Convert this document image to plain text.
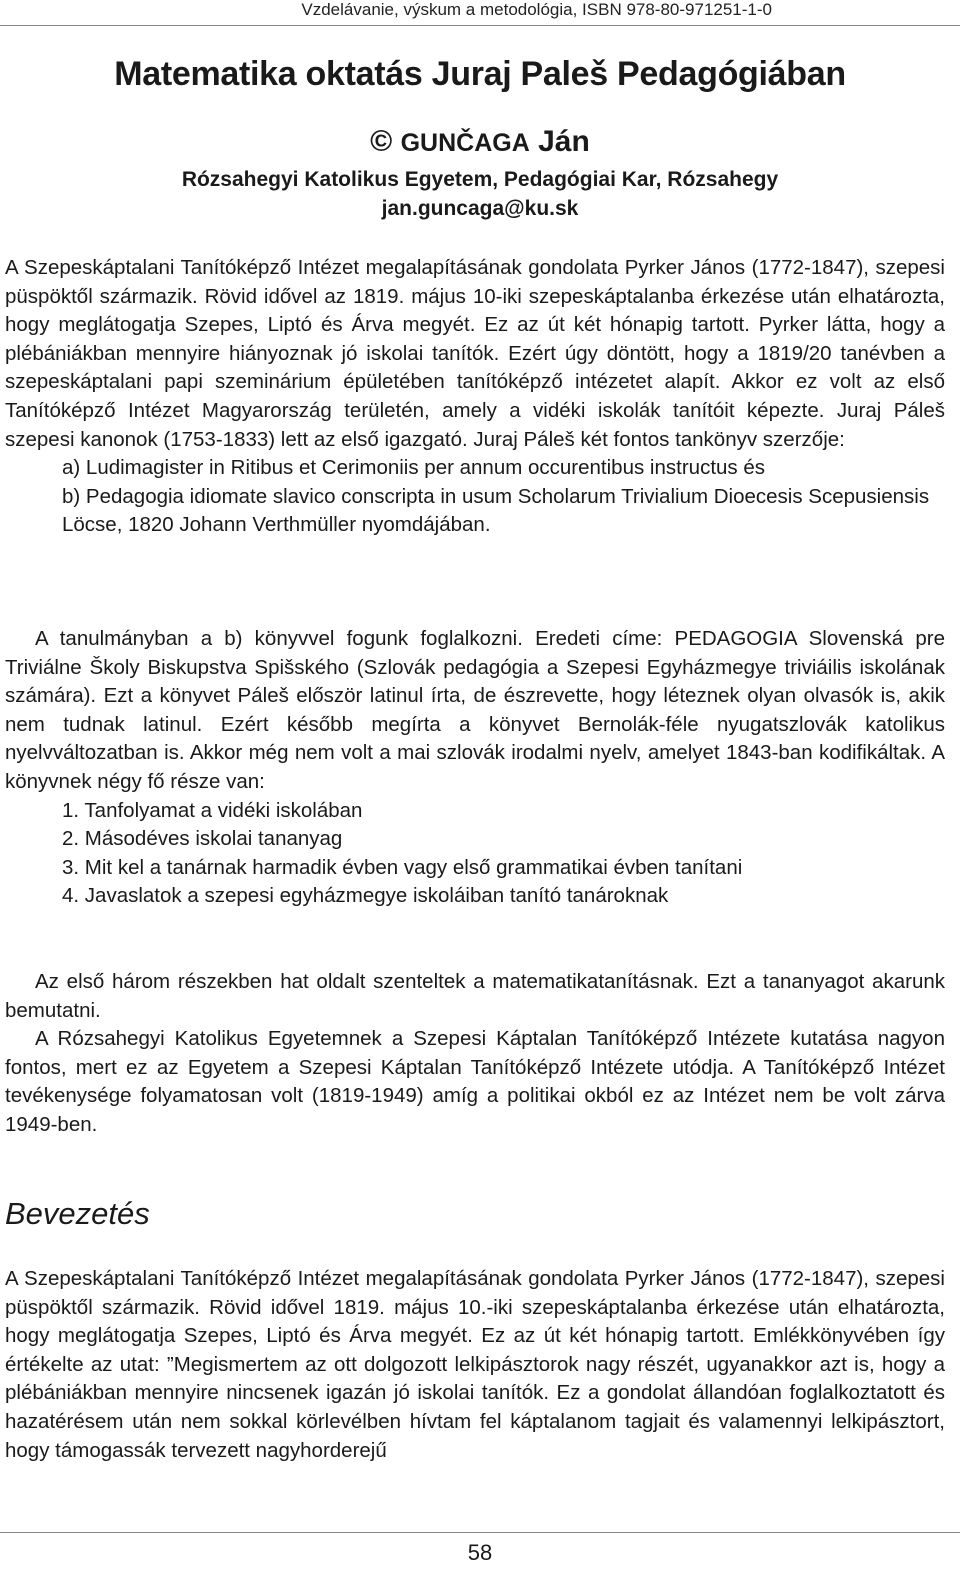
Vzdelávanie, výskum a metodológia, ISBN 978-80-971251-1-0
Matematika oktatás Juraj Paleš Pedagógiában
© GUNČAGA Ján
Rózsahegyi Katolikus Egyetem, Pedagógiai Kar, Rózsahegy
jan.guncaga@ku.sk

A Szepeskáptalani Tanítóképző Intézet megalapításának gondolata Pyrker János (1772-1847), szepesi püspöktől származik. Rövid idővel az 1819. május 10-iki szepeskáptalanba érkezése után elhatározta, hogy meglátogatja Szepes, Liptó és Árva megyét. Ez az út két hónapig tartott. Pyrker látta, hogy a plébániákban mennyire hiányoznak jó iskolai tanítók. Ezért úgy döntött, hogy a 1819/20 tanévben a szepeskáptalani papi szeminárium épületében tanítóképző intézetet alapít. Akkor ez volt az első Tanítóképző Intézet Magyarország területén, amely a vidéki iskolák tanítóit képezte. Juraj Páleš szepesi kanonok (1753-1833) lett az első igazgató. Juraj Páleš két fontos tankönyv szerzője:

a) Ludimagister in Ritibus et Cerimoniis per annum occurentibus instructus és

b) Pedagogia idiomate slavico conscripta in usum Scholarum Trivialium Dioecesis Scepusiensis Löcse, 1820 Johann Verthmüller nyomdájában.

A tanulmányban a b) könyvvel fogunk foglalkozni. Eredeti címe: PEDAGOGIA Slovenská pre Triviálne Školy Biskupstva Spišského (Szlovák pedagógia a Szepesi Egyházmegye triviáilis iskolának számára). Ezt a könyvet Páleš először latinul írta, de észrevette, hogy léteznek olyan olvasók is, akik nem tudnak latinul. Ezért később megírta a könyvet Bernolák-féle nyugatszlovák katolikus nyelvváltozatban is. Akkor még nem volt a mai szlovák irodalmi nyelv, amelyet 1843-ban kodifikáltak. A könyvnek négy fő része van:

1. Tanfolyamat a vidéki iskolában

2. Másodéves iskolai tananyag

3. Mit kel a tanárnak harmadik évben vagy első grammatikai évben tanítani

4. Javaslatok a szepesi egyházmegye iskoláiban tanító tanároknak

Az első három részekben hat oldalt szenteltek a matematikatanításnak. Ezt a tananyagot akarunk bemutatni.

A Rózsahegyi Katolikus Egyetemnek a Szepesi Káptalan Tanítóképző Intézete kutatása nagyon fontos, mert ez az Egyetem a Szepesi Káptalan Tanítóképző Intézete utódja. A Tanítóképző Intézet tevékenysége folyamatosan volt (1819-1949) amíg a politikai okból ez az Intézet nem be volt zárva 1949-ben.

Bevezetés

A Szepeskáptalani Tanítóképző Intézet megalapításának gondolata Pyrker János (1772-1847), szepesi püspöktől származik. Rövid idővel 1819. május 10.-iki szepeskáptalanba érkezése után elhatározta, hogy meglátogatja Szepes, Liptó és Árva megyét. Ez az út két hónapig tartott. Emlékkönyvében így értékelte az utat: ”Megismertem az ott dolgozott lelkipásztorok nagy részét, ugyanakkor azt is, hogy a plébániákban mennyire nincsenek igazán jó iskolai tanítók. Ez a gondolat állandóan foglalkoztatott és hazatérésem után nem sokkal körlevélben hívtam fel káptalanom tagjait és valamennyi lelkipásztort, hogy támogassák tervezett nagyhorderejű

58
